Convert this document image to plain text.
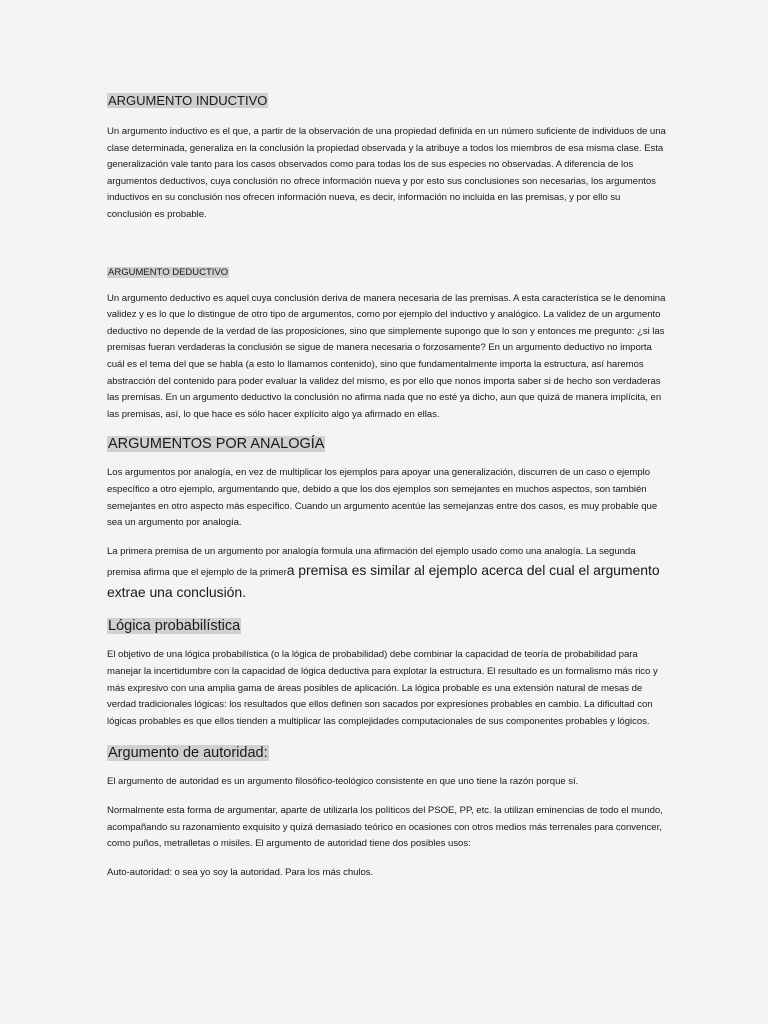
ARGUMENTO INDUCTIVO

Un argumento inductivo es el que, a partir de la observación de una propiedad definida en un número suficiente de individuos de una clase determinada, generaliza en la conclusión la propiedad observada y la atribuye a todos los miembros de esa misma clase. Esta generalización vale tanto para los casos observados como para todas los de sus especies no observadas. A diferencia de los argumentos deductivos, cuya conclusión no ofrece información nueva y por esto sus conclusiones son necesarias, los argumentos inductivos en su conclusión nos ofrecen información nueva, es decir, información no incluida en las premisas, y por ello su conclusión es probable.

ARGUMENTO DEDUCTIVO

Un argumento deductivo es aquel cuya conclusión deriva de manera necesaria de las premisas. A esta característica se le denomina validez y es lo que lo distingue de otro tipo de argumentos, como por ejemplo del inductivo y analógico. La validez de un argumento deductivo no depende de la verdad de las proposiciones, sino que simplemente supongo que lo son y entonces me pregunto: ¿si las premisas fueran verdaderas la conclusión se sigue de manera necesaria o forzosamente? En un argumento deductivo no importa cuál es el tema del que se habla (a esto lo llamamos contenido), sino que fundamentalmente importa la estructura, así haremos abstracción del contenido para poder evaluar la validez del mismo, es por ello que nonos importa saber si de hecho son verdaderas las premisas. En un argumento deductivo la conclusión no afirma nada que no esté ya dicho, aun que quizá de manera implícita, en las premisas, así, lo que hace es sólo hacer explícito algo ya afirmado en ellas.

ARGUMENTOS POR ANALOGÍA

Los argumentos por analogía, en vez de multiplicar los ejemplos para apoyar una generalización, discurren de un caso o ejemplo específico a otro ejemplo, argumentando que, debido a que los dos ejemplos son semejantes en muchos aspectos, son también semejantes en otro aspecto más específico. Cuando un argumento acentúe las semejanzas entre dos casos, es muy probable que sea un argumento por analogía.

La primera premisa de un argumento por analogía formula una afirmación del ejemplo usado como una analogía. La segunda premisa afirma que el ejemplo de la primera premisa es similar al ejemplo acerca del cual el argumento extrae una conclusión.

Lógica probabilística

El objetivo de una lógica probabilística (o la lógica de probabilidad) debe combinar la capacidad de teoría de probabilidad para manejar la incertidumbre con la capacidad de lógica deductiva para explotar la estructura. El resultado es un formalismo más rico y más expresivo con una amplia gama de áreas posibles de aplicación. La lógica probable es una extensión natural de mesas de verdad tradicionales lógicas: los resultados que ellos definen son sacados por expresiones probables en cambio. La dificultad con lógicas probables es que ellos tienden a multiplicar las complejidades computacionales de sus componentes probables y lógicos.

Argumento de autoridad:

El argumento de autoridad es un argumento filosófico-teológico consistente en que uno tiene la razón porque sí.

Normalmente esta forma de argumentar, aparte de utilizarla los políticos del PSOE, PP, etc. la utilizan eminencias de todo el mundo, acompañando su razonamiento exquisito y quizá demasiado teórico en ocasiones con otros medios más terrenales para convencer, como puños, metralletas o misiles. El argumento de autoridad tiene dos posibles usos:

Auto-autoridad: o sea yo soy la autoridad. Para los más chulos.
